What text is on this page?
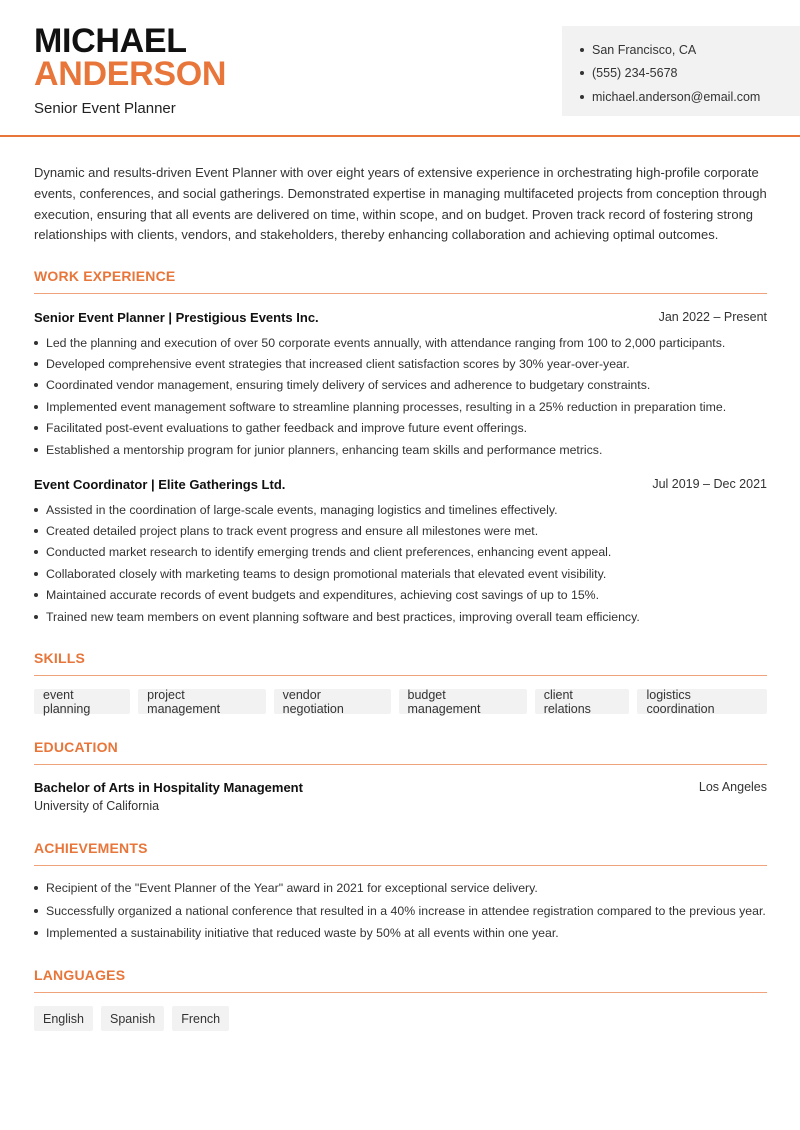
MICHAEL
ANDERSON
Senior Event Planner
San Francisco, CA
(555) 234-5678
michael.anderson@email.com

Dynamic and results-driven Event Planner with over eight years of extensive experience in orchestrating high-profile corporate events, conferences, and social gatherings. Demonstrated expertise in managing multifaceted projects from conception through execution, ensuring that all events are delivered on time, within scope, and on budget. Proven track record of fostering strong relationships with clients, vendors, and stakeholders, thereby enhancing collaboration and achieving optimal outcomes.

WORK EXPERIENCE
Senior Event Planner | Prestigious Events Inc.	Jan 2022 – Present
Led the planning and execution of over 50 corporate events annually, with attendance ranging from 100 to 2,000 participants.
Developed comprehensive event strategies that increased client satisfaction scores by 30% year-over-year.
Coordinated vendor management, ensuring timely delivery of services and adherence to budgetary constraints.
Implemented event management software to streamline planning processes, resulting in a 25% reduction in preparation time.
Facilitated post-event evaluations to gather feedback and improve future event offerings.
Established a mentorship program for junior planners, enhancing team skills and performance metrics.
Event Coordinator | Elite Gatherings Ltd.	Jul 2019 – Dec 2021
Assisted in the coordination of large-scale events, managing logistics and timelines effectively.
Created detailed project plans to track event progress and ensure all milestones were met.
Conducted market research to identify emerging trends and client preferences, enhancing event appeal.
Collaborated closely with marketing teams to design promotional materials that elevated event visibility.
Maintained accurate records of event budgets and expenditures, achieving cost savings of up to 15%.
Trained new team members on event planning software and best practices, improving overall team efficiency.
SKILLS
event planning
project management
vendor negotiation
budget management
client relations
logistics coordination
EDUCATION
Bachelor of Arts in Hospitality Management	Los Angeles
University of California
ACHIEVEMENTS
Recipient of the "Event Planner of the Year" award in 2021 for exceptional service delivery.
Successfully organized a national conference that resulted in a 40% increase in attendee registration compared to the previous year.
Implemented a sustainability initiative that reduced waste by 50% at all events within one year.
LANGUAGES
English	Spanish	French
